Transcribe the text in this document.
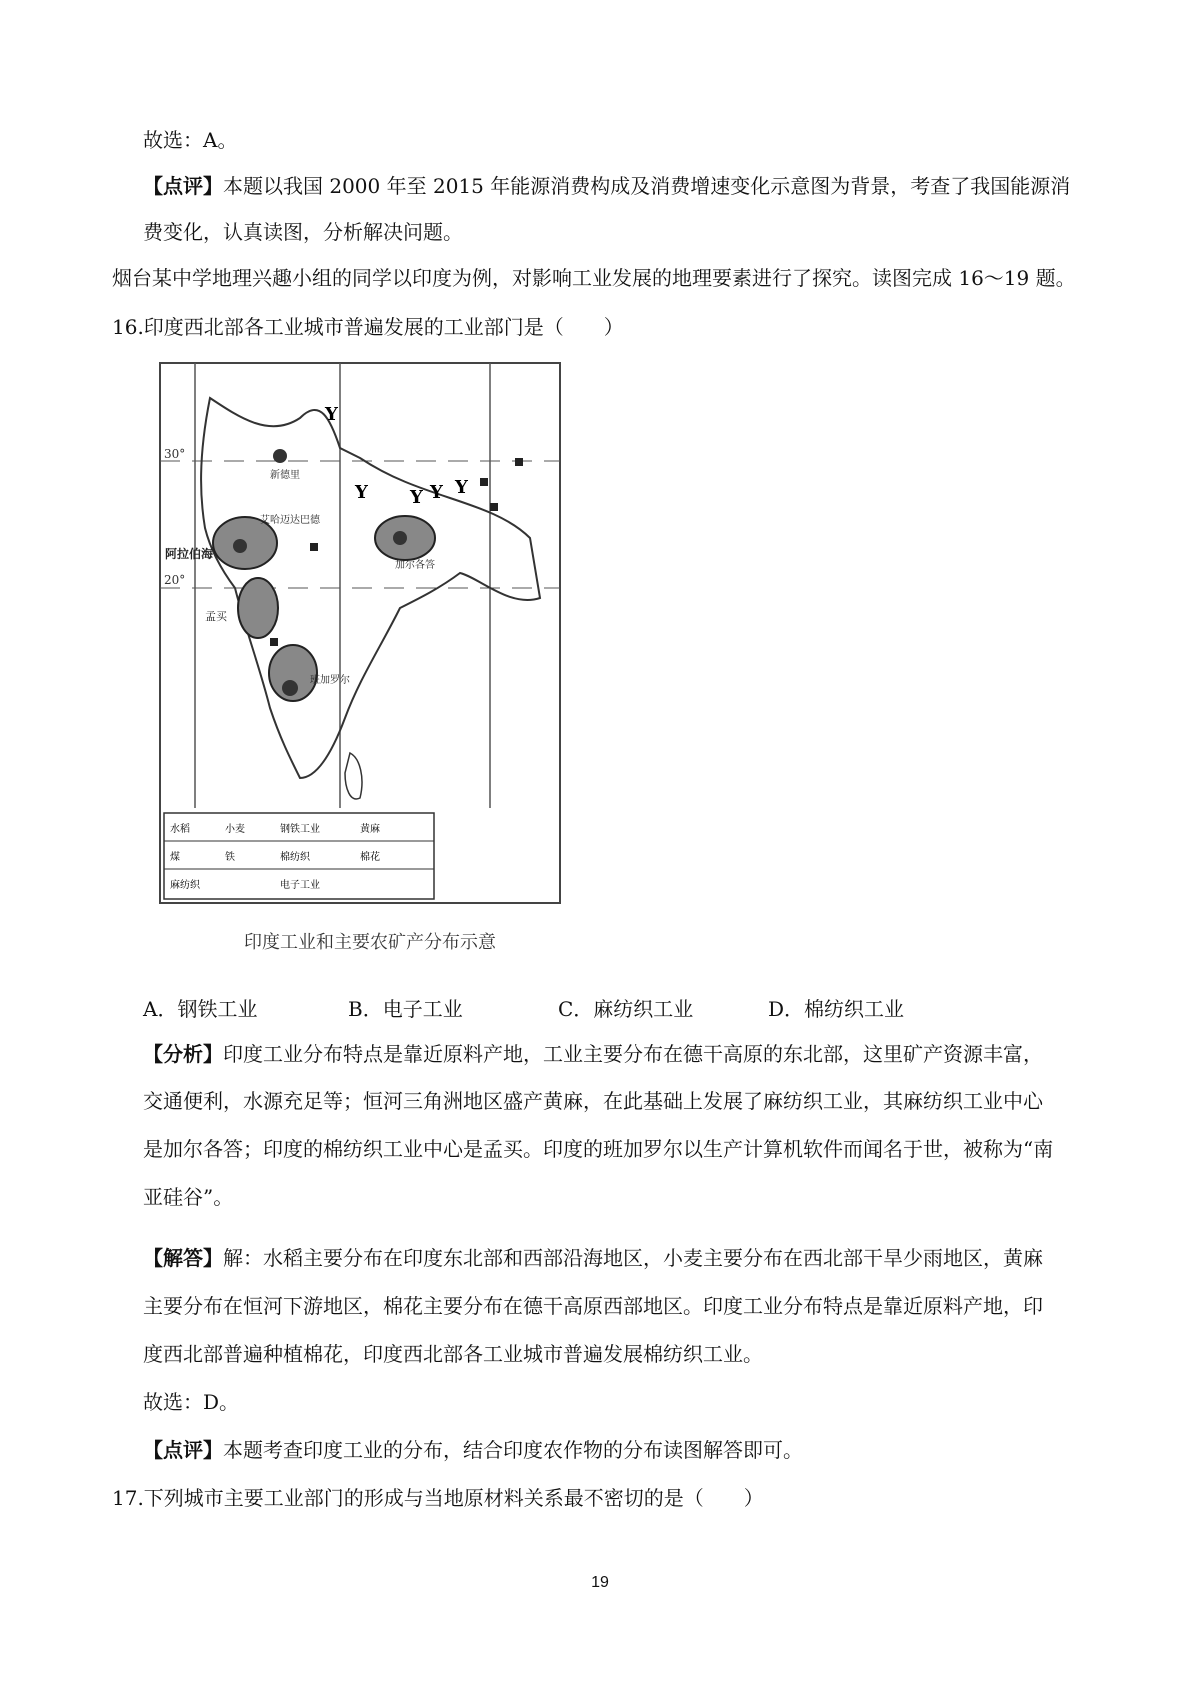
故选：A。
【点评】本题以我国 2000 年至 2015 年能源消费构成及消费增速变化示意图为背景，考查了我国能源消
费变化，认真读图，分析解决问题。
烟台某中学地理兴趣小组的同学以印度为例，对影响工业发展的地理要素进行了探究。读图完成 16～19 题。
16.印度西北部各工业城市普遍发展的工业部门是（　　）
30°
20°
Y
Y Y Y Y
新德里
艾哈迈达巴德
孟买
加尔各答
班加罗尔
阿拉伯海
水稻	小麦	钢铁工业	黄麻
煤	铁	棉纺织	棉花
麻纺织	电子工业
印度工业和主要农矿产分布示意
A．钢铁工业	B．电子工业	C．麻纺织工业	D．棉纺织工业
【分析】印度工业分布特点是靠近原料产地，工业主要分布在德干高原的东北部，这里矿产资源丰富，
交通便利，水源充足等；恒河三角洲地区盛产黄麻，在此基础上发展了麻纺织工业，其麻纺织工业中心
是加尔各答；印度的棉纺织工业中心是孟买。印度的班加罗尔以生产计算机软件而闻名于世，被称为“南
亚硅谷”。
【解答】解：水稻主要分布在印度东北部和西部沿海地区，小麦主要分布在西北部干旱少雨地区，黄麻
主要分布在恒河下游地区，棉花主要分布在德干高原西部地区。印度工业分布特点是靠近原料产地，印
度西北部普遍种植棉花，印度西北部各工业城市普遍发展棉纺织工业。
故选：D。
【点评】本题考查印度工业的分布，结合印度农作物的分布读图解答即可。
17.下列城市主要工业部门的形成与当地原材料关系最不密切的是（　　）
19
